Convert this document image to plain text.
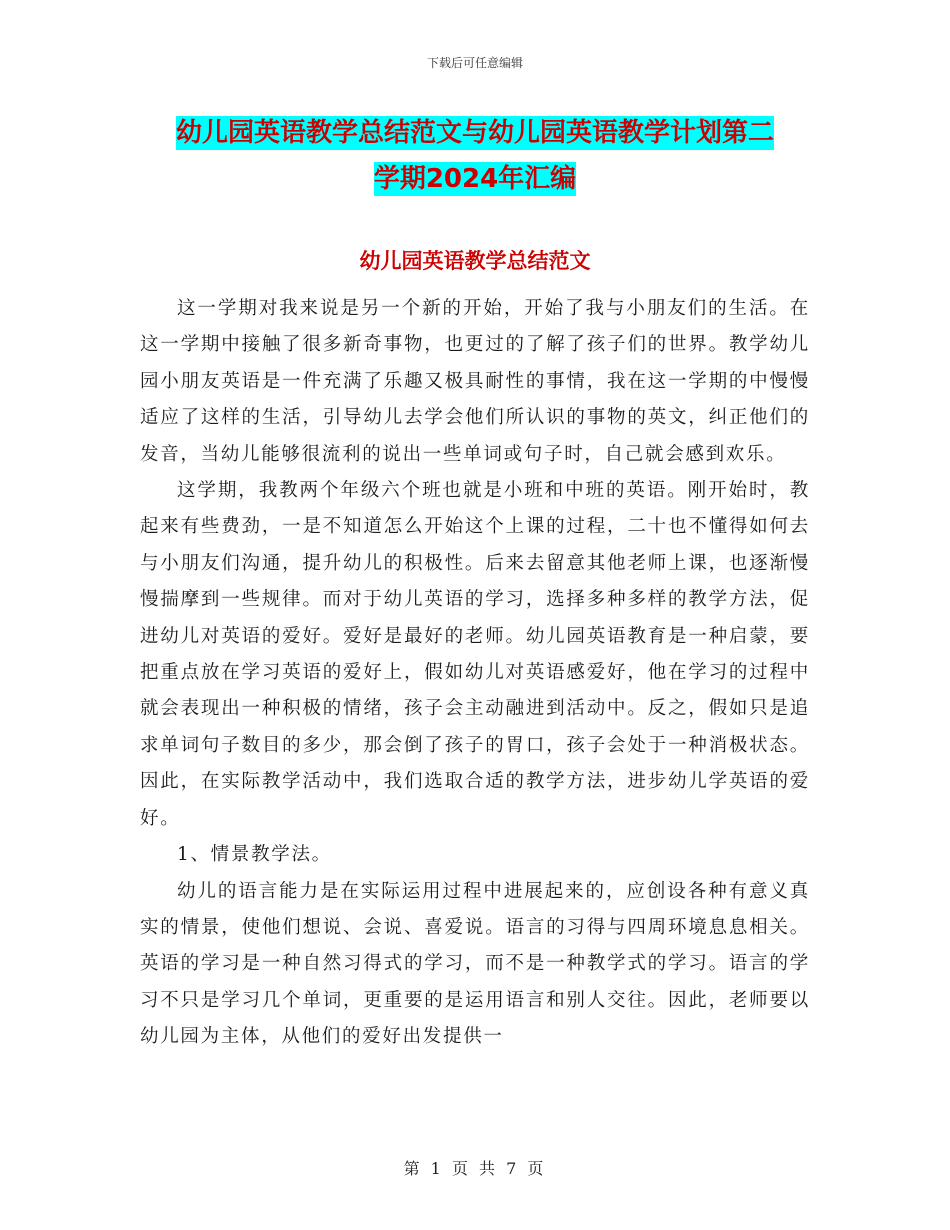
下载后可任意编辑
幼儿园英语教学总结范文与幼儿园英语教学计划第二
学期2024年汇编
幼儿园英语教学总结范文

这一学期对我来说是另一个新的开始，开始了我与小朋友们的生活。在这一学期中接触了很多新奇事物，也更过的了解了孩子们的世界。教学幼儿园小朋友英语是一件充满了乐趣又极具耐性的事情，我在这一学期的中慢慢适应了这样的生活，引导幼儿去学会他们所认识的事物的英文，纠正他们的发音，当幼儿能够很流利的说出一些单词或句子时，自己就会感到欢乐。

这学期，我教两个年级六个班也就是小班和中班的英语。刚开始时，教起来有些费劲，一是不知道怎么开始这个上课的过程，二十也不懂得如何去与小朋友们沟通，提升幼儿的积极性。后来去留意其他老师上课，也逐渐慢慢揣摩到一些规律。而对于幼儿英语的学习，选择多种多样的教学方法，促进幼儿对英语的爱好。爱好是最好的老师。幼儿园英语教育是一种启蒙，要把重点放在学习英语的爱好上，假如幼儿对英语感爱好，他在学习的过程中就会表现出一种积极的情绪，孩子会主动融进到活动中。反之，假如只是追求单词句子数目的多少，那会倒了孩子的胃口，孩子会处于一种消极状态。因此，在实际教学活动中，我们选取合适的教学方法，进步幼儿学英语的爱好。

1、情景教学法。

幼儿的语言能力是在实际运用过程中进展起来的，应创设各种有意义真实的情景，使他们想说、会说、喜爱说。语言的习得与四周环境息息相关。英语的学习是一种自然习得式的学习，而不是一种教学式的学习。语言的学习不只是学习几个单词，更重要的是运用语言和别人交往。因此，老师要以幼儿园为主体，从他们的爱好出发提供一

第 1 页 共 7 页
